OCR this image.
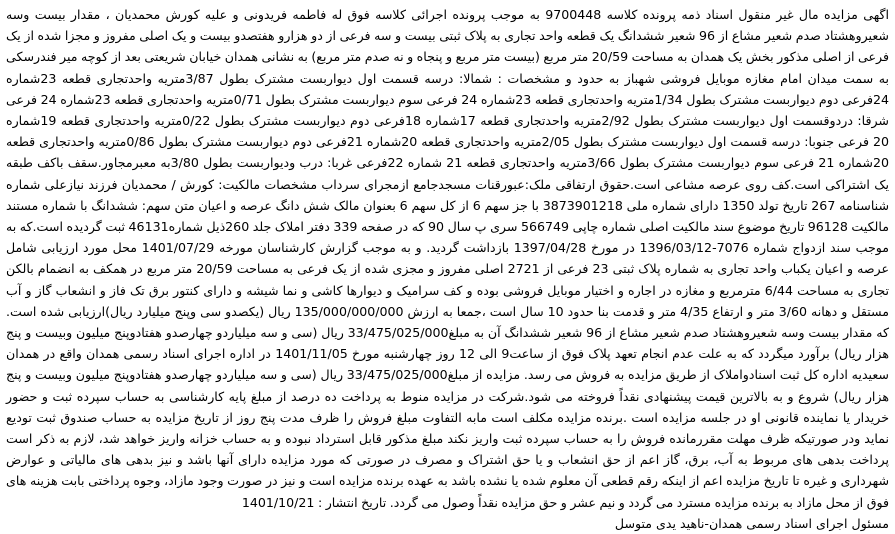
اگهی مزایده مال غیر منقول اسناد ذمه پرونده کلاسه 9700448 به موجب پرونده اجرائی کلاسه فوق له فاطمه فریدونی و علیه کورش محمدیان ، مقدار بیست وسه شعیروهشتاد صدم شعیر مشاع از 96 شعیر ششدانگ یک قطعه واحد تجاری به پلاک ثبتی بیست و سه فرعی از دو هزارو هفتصدو بیست و یک اصلی مفروز و مجزا شده از یک فرعی از اصلی مذکور بخش یک همدان به مساحت 20/59 متر مربع (بیست متر مربع و پنجاه و نه صدم متر مربع) به نشانی همدان خیابان شریعتی بعد از کوچه میر فندرسکی به سمت میدان امام مغازه موبایل فروشی شهباز به حدود و مشخصات : شمالا: درسه قسمت اول دیواربست مشترک بطول 3/87متریه واحدتجاری قطعه 23شماره 24فرعی دوم دیواربست مشترک بطول 1/34متریه واحدتجاری قطعه 23شماره 24 فرعی سوم دیواربست مشترک بطول 0/71متریه واحدتجاری قطعه 23شماره 24 فرعی شرقا: دردوقسمت اول دیواربست مشترک بطول 2/92متریه واحدتجاری قطعه 17شماره 18فرعی دوم دیواربست مشترک بطول 0/22متریه واحدتجاری قطعه 19شماره 20 فرعی جنوبا: درسه قسمت اول دیواربست مشترک بطول 2/05متریه واحدتجاری قطعه 20شماره 21فرعی دوم دیواربست مشترک بطول 0/86متریه واحدتجاری قطعه 20شماره 21 فرعی سوم دیواربست مشترک بطول 3/66متریه واحدتجاری قطعه 21 شماره 22فرعی غربا: درب ودیواربست بطول 3/80به معبرمجاور.سقف باکف طبقه یک اشتراکی است.کف روی عرصه مشاعی است.حقوق ارتفاقی ملک:عبورقنات مسجدجامع ازمجرای سرداب مشخصات مالکیت: کورش / محمدیان فرزند نیازعلی شماره شناسنامه 267 تاریخ تولد 1350 دارای شماره ملی 3873901218 با جز سهم 6 از کل سهم 6 بعنوان مالک شش دانگ عرصه و اعیان متن سهم: ششدانگ با شماره مستند مالکیت 96128 تاریخ موضوع سند مالکیت اصلی شماره چاپی 566749 سری پ سال 90 که در صفحه 339 دفتر املاک جلد 260ذیل شماره46131 ثبت گردیده است.که به موجب سند ازدواج شماره 7076-1396/03/12 در مورخ 1397/04/28 بازداشت گردید. و به موجب گزارش کارشناسان مورخه 1401/07/29 محل مورد ارزیابی شامل عرصه و اعیان یکباب واحد تجاری به شماره پلاک ثبتی 23 فرعی از 2721 اصلی مفروز و مجزی شده از یک فرعی به مساحت 20/59 متر مربع در همکف به انضمام بالکن تجاری به مساحت 6/44 مترمربع و مغازه در اجاره و اختیار موبایل فروشی بوده و کف سرامیک و دیوارها کاشی و نما شیشه و دارای کنتور برق تک فاز و انشعاب گاز و آب مستقل و دهانه 3/60 متر و ارتفاع 4/35 متر و قدمت بنا حدود 10 سال است ،جمعا به ارزش 135/000/000/000 ریال (یکصدو سی وپنج میلیارد ریال)ارزیابی شده است. که مقدار بیست وسه شعیروهشتاد صدم شعیر مشاع از 96 شعیر ششدانگ آن به مبلغ33/475/025/000 ریال (سی و سه میلیاردو چهارصدو هفتادوپنج میلیون وبیست و پنج هزار ریال) برآورد میگردد که به علت عدم انجام تعهد پلاک فوق از ساعت9 الی 12 روز چهارشنبه مورخ 1401/11/05 در اداره اجرای اسناد رسمی همدان واقع در همدان سعیدیه اداره کل ثبت اسنادواملاک از طریق مزایده به فروش می رسد. مزایده از مبلغ33/475/025/000 ریال (سی و سه میلیاردو چهارصدو هفتادوپنج میلیون وبیست و پنج هزار ریال) شروع و به بالاترین قیمت پیشنهادی نقداً فروخته می شود.شرکت در مزایده منوط به پرداخت ده درصد از مبلغ پایه کارشناسی به حساب سپرده ثبت و حضور خریدار یا نماینده قانونی او در جلسه مزایده است .برنده مزایده مکلف است مابه التفاوت مبلغ فروش را ظرف مدت پنج روز از تاریخ مزایده به حساب صندوق ثبت تودیع نماید ودر صورتیکه ظرف مهلت مقررمانده فروش را به حساب سپرده ثبت واریز نکند مبلغ مذکور قابل استرداد نبوده و به حساب خزانه واریز خواهد شد، لازم به ذکر است پرداخت بدهی های مربوط به آب، برق، گاز اعم از حق انشعاب و یا حق اشتراک و مصرف در صورتی که مورد مزایده دارای آنها باشد و نیز بدهی های مالیاتی و عوارض شهرداری و غیره تا تاریخ مزایده اعم از اینکه رقم قطعی آن معلوم شده یا نشده باشد به عهده برنده مزایده است و نیز در صورت وجود مازاد، وجوه پرداختی بابت هزینه های فوق از محل مازاد به برنده مزایده مسترد می گردد و نیم عشر و حق مزایده نقداً وصول می گردد. تاریخ انتشار : 1401/10/21

مسئول اجرای اسناد رسمی همدان-ناهید یدی متوسل
